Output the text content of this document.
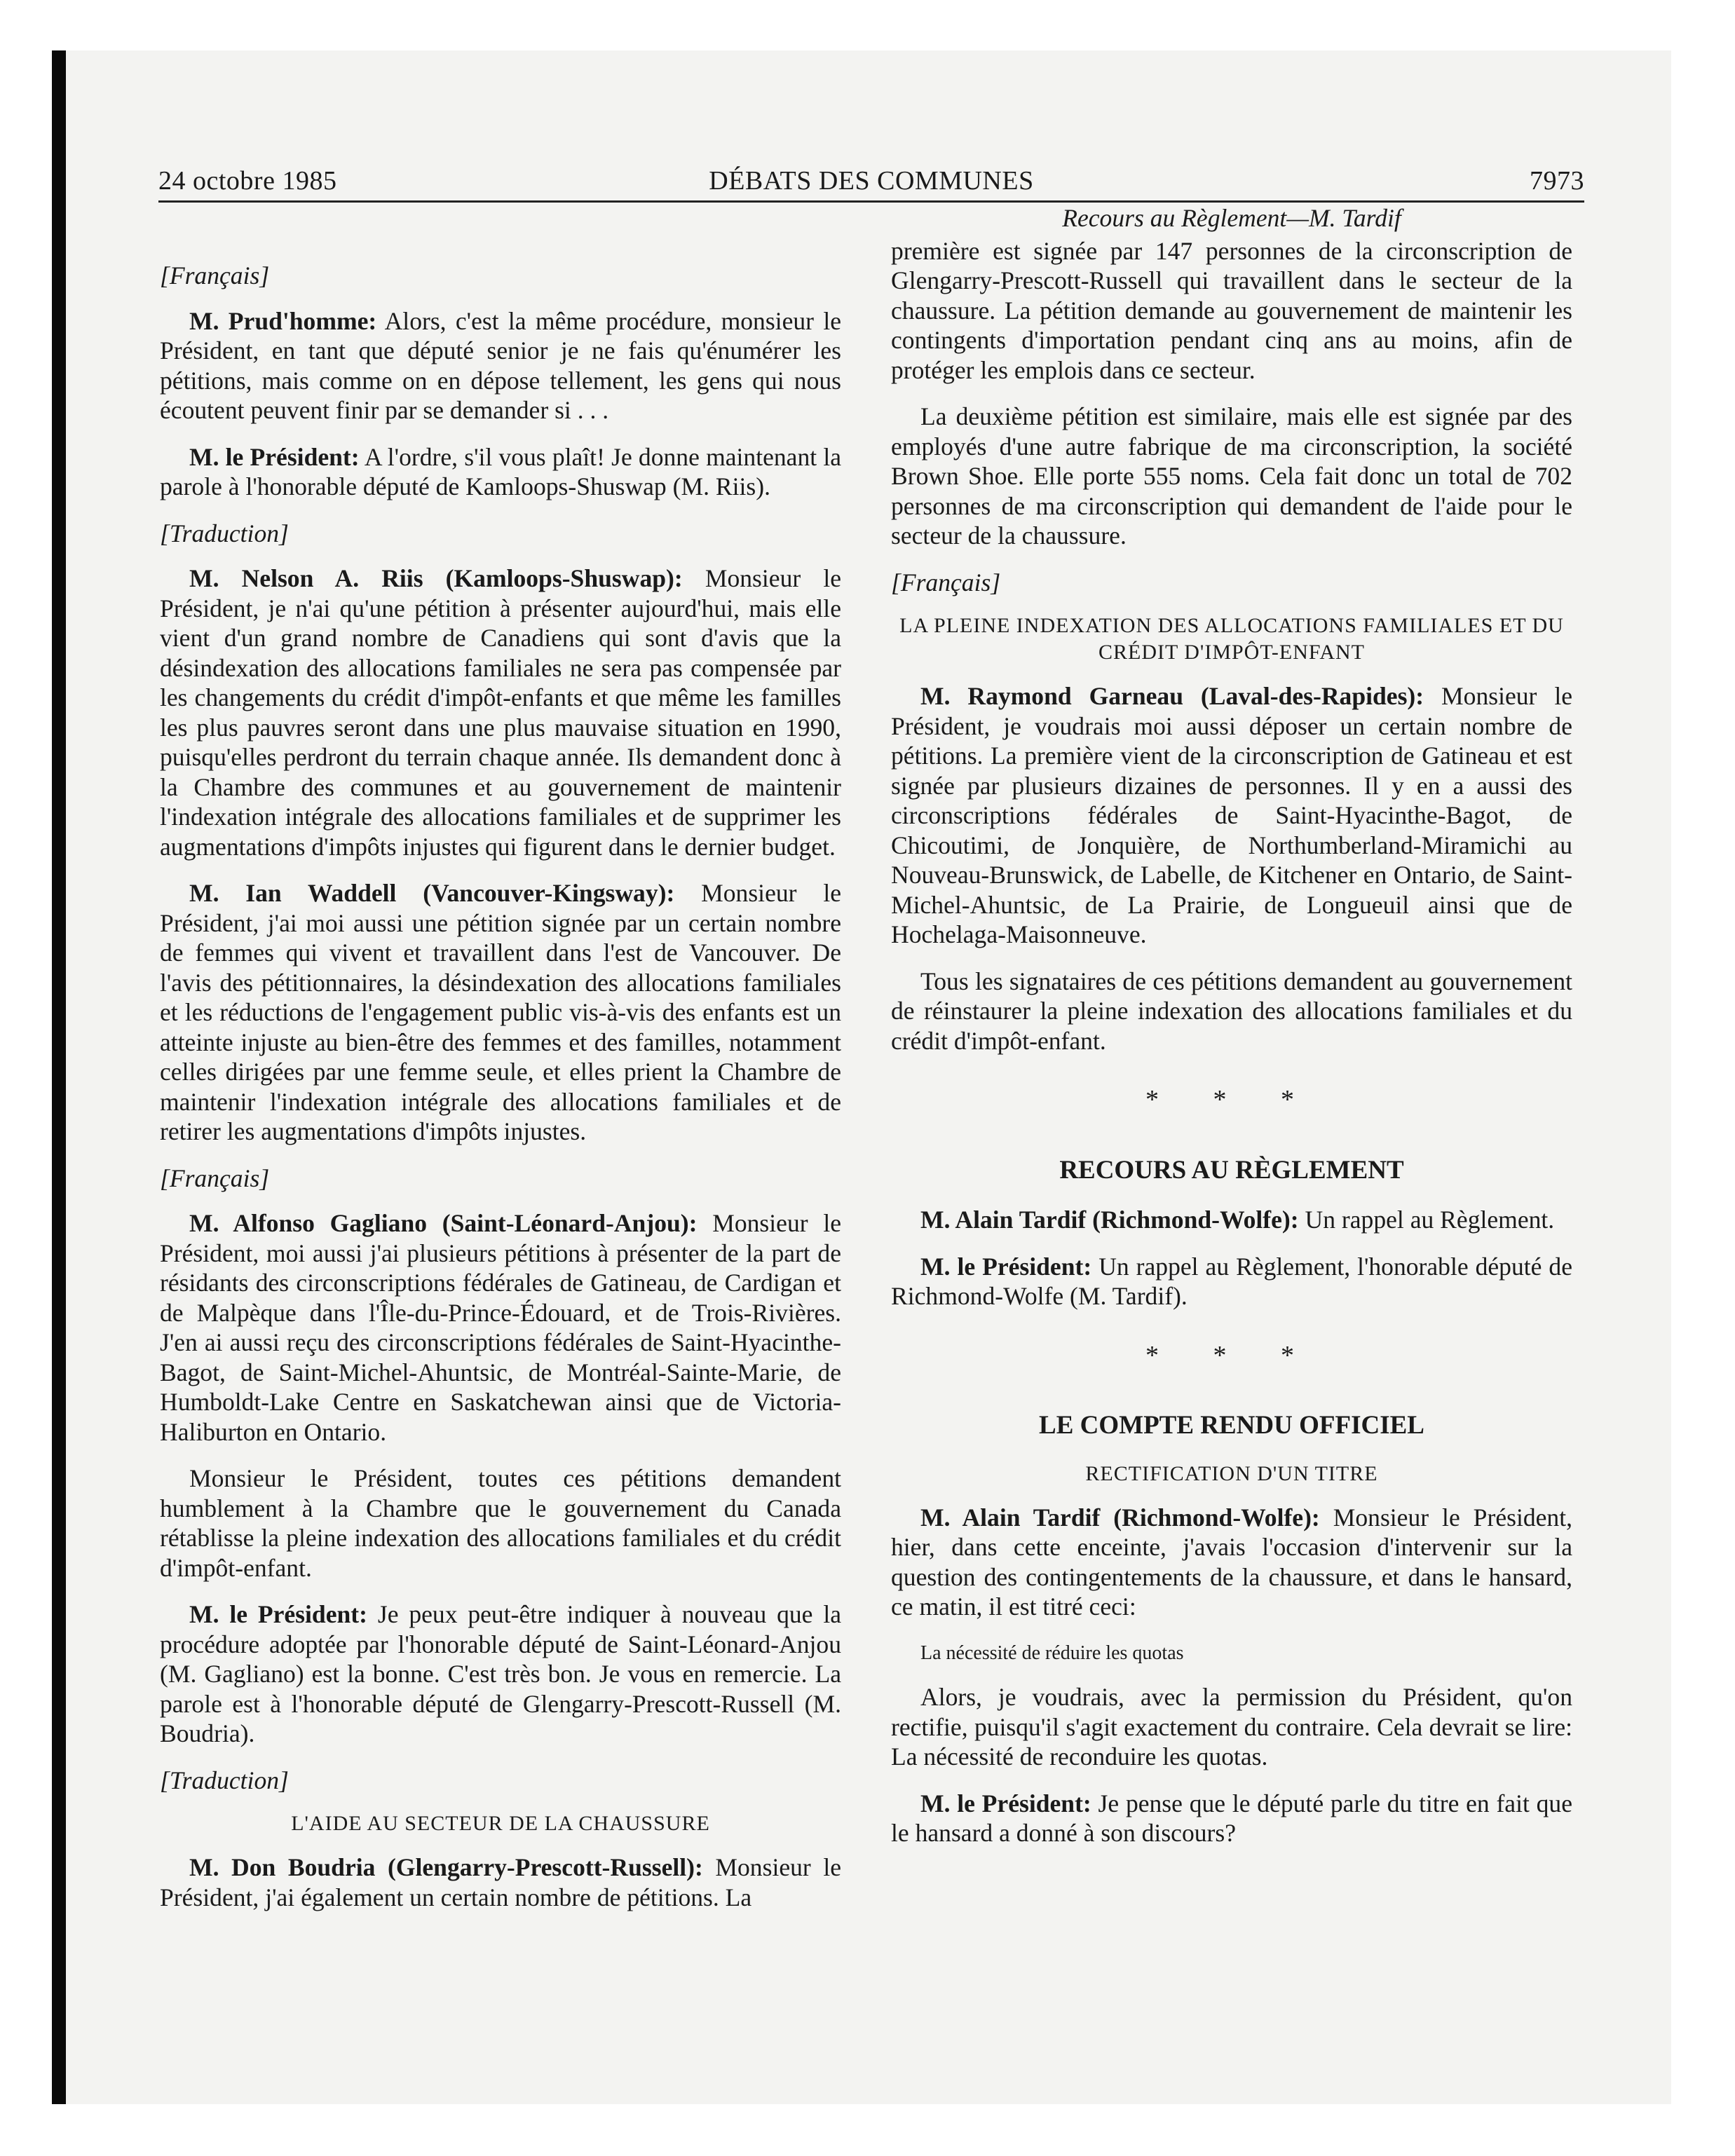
24 octobre 1985	DÉBATS DES COMMUNES	7973
[Français]

M. Prud'homme: Alors, c'est la même procédure, monsieur le Président, en tant que député senior je ne fais qu'énumérer les pétitions, mais comme on en dépose tellement, les gens qui nous écoutent peuvent finir par se demander si . . .

M. le Président: A l'ordre, s'il vous plaît! Je donne maintenant la parole à l'honorable député de Kamloops-Shuswap (M. Riis).

[Traduction]

M. Nelson A. Riis (Kamloops-Shuswap): Monsieur le Président, je n'ai qu'une pétition à présenter aujourd'hui, mais elle vient d'un grand nombre de Canadiens qui sont d'avis que la désindexation des allocations familiales ne sera pas compensée par les changements du crédit d'impôt-enfants et que même les familles les plus pauvres seront dans une plus mauvaise situation en 1990, puisqu'elles perdront du terrain chaque année. Ils demandent donc à la Chambre des communes et au gouvernement de maintenir l'indexation intégrale des allocations familiales et de supprimer les augmentations d'impôts injustes qui figurent dans le dernier budget.

M. Ian Waddell (Vancouver-Kingsway): Monsieur le Président, j'ai moi aussi une pétition signée par un certain nombre de femmes qui vivent et travaillent dans l'est de Vancouver. De l'avis des pétitionnaires, la désindexation des allocations familiales et les réductions de l'engagement public vis-à-vis des enfants est un atteinte injuste au bien-être des femmes et des familles, notamment celles dirigées par une femme seule, et elles prient la Chambre de maintenir l'indexation intégrale des allocations familiales et de retirer les augmentations d'impôts injustes.

[Français]

M. Alfonso Gagliano (Saint-Léonard-Anjou): Monsieur le Président, moi aussi j'ai plusieurs pétitions à présenter de la part de résidants des circonscriptions fédérales de Gatineau, de Cardigan et de Malpèque dans l'Île-du-Prince-Édouard, et de Trois-Rivières. J'en ai aussi reçu des circonscriptions fédérales de Saint-Hyacinthe-Bagot, de Saint-Michel-Ahuntsic, de Montréal-Sainte-Marie, de Humboldt-Lake Centre en Saskatchewan ainsi que de Victoria-Haliburton en Ontario.

Monsieur le Président, toutes ces pétitions demandent humblement à la Chambre que le gouvernement du Canada rétablisse la pleine indexation des allocations familiales et du crédit d'impôt-enfant.

M. le Président: Je peux peut-être indiquer à nouveau que la procédure adoptée par l'honorable député de Saint-Léonard-Anjou (M. Gagliano) est la bonne. C'est très bon. Je vous en remercie. La parole est à l'honorable député de Glengarry-Prescott-Russell (M. Boudria).

[Traduction]
L'AIDE AU SECTEUR DE LA CHAUSSURE

M. Don Boudria (Glengarry-Prescott-Russell): Monsieur le Président, j'ai également un certain nombre de pétitions. La

Recours au Règlement—M. Tardif

première est signée par 147 personnes de la circonscription de Glengarry-Prescott-Russell qui travaillent dans le secteur de la chaussure. La pétition demande au gouvernement de maintenir les contingents d'importation pendant cinq ans au moins, afin de protéger les emplois dans ce secteur.

La deuxième pétition est similaire, mais elle est signée par des employés d'une autre fabrique de ma circonscription, la société Brown Shoe. Elle porte 555 noms. Cela fait donc un total de 702 personnes de ma circonscription qui demandent de l'aide pour le secteur de la chaussure.

[Français]
LA PLEINE INDEXATION DES ALLOCATIONS FAMILIALES ET DU
CRÉDIT D'IMPÔT-ENFANT

M. Raymond Garneau (Laval-des-Rapides): Monsieur le Président, je voudrais moi aussi déposer un certain nombre de pétitions. La première vient de la circonscription de Gatineau et est signée par plusieurs dizaines de personnes. Il y en a aussi des circonscriptions fédérales de Saint-Hyacinthe-Bagot, de Chicoutimi, de Jonquière, de Northumberland-Miramichi au Nouveau-Brunswick, de Labelle, de Kitchener en Ontario, de Saint-Michel-Ahuntsic, de La Prairie, de Longueuil ainsi que de Hochelaga-Maisonneuve.

Tous les signataires de ces pétitions demandent au gouvernement de réinstaurer la pleine indexation des allocations familiales et du crédit d'impôt-enfant.

* * *
RECOURS AU RÈGLEMENT

M. Alain Tardif (Richmond-Wolfe): Un rappel au Règlement.

M. le Président: Un rappel au Règlement, l'honorable député de Richmond-Wolfe (M. Tardif).

* * *
LE COMPTE RENDU OFFICIEL
RECTIFICATION D'UN TITRE

M. Alain Tardif (Richmond-Wolfe): Monsieur le Président, hier, dans cette enceinte, j'avais l'occasion d'intervenir sur la question des contingentements de la chaussure, et dans le hansard, ce matin, il est titré ceci:

La nécessité de réduire les quotas

Alors, je voudrais, avec la permission du Président, qu'on rectifie, puisqu'il s'agit exactement du contraire. Cela devrait se lire: La nécessité de reconduire les quotas.

M. le Président: Je pense que le député parle du titre en fait que le hansard a donné à son discours?
